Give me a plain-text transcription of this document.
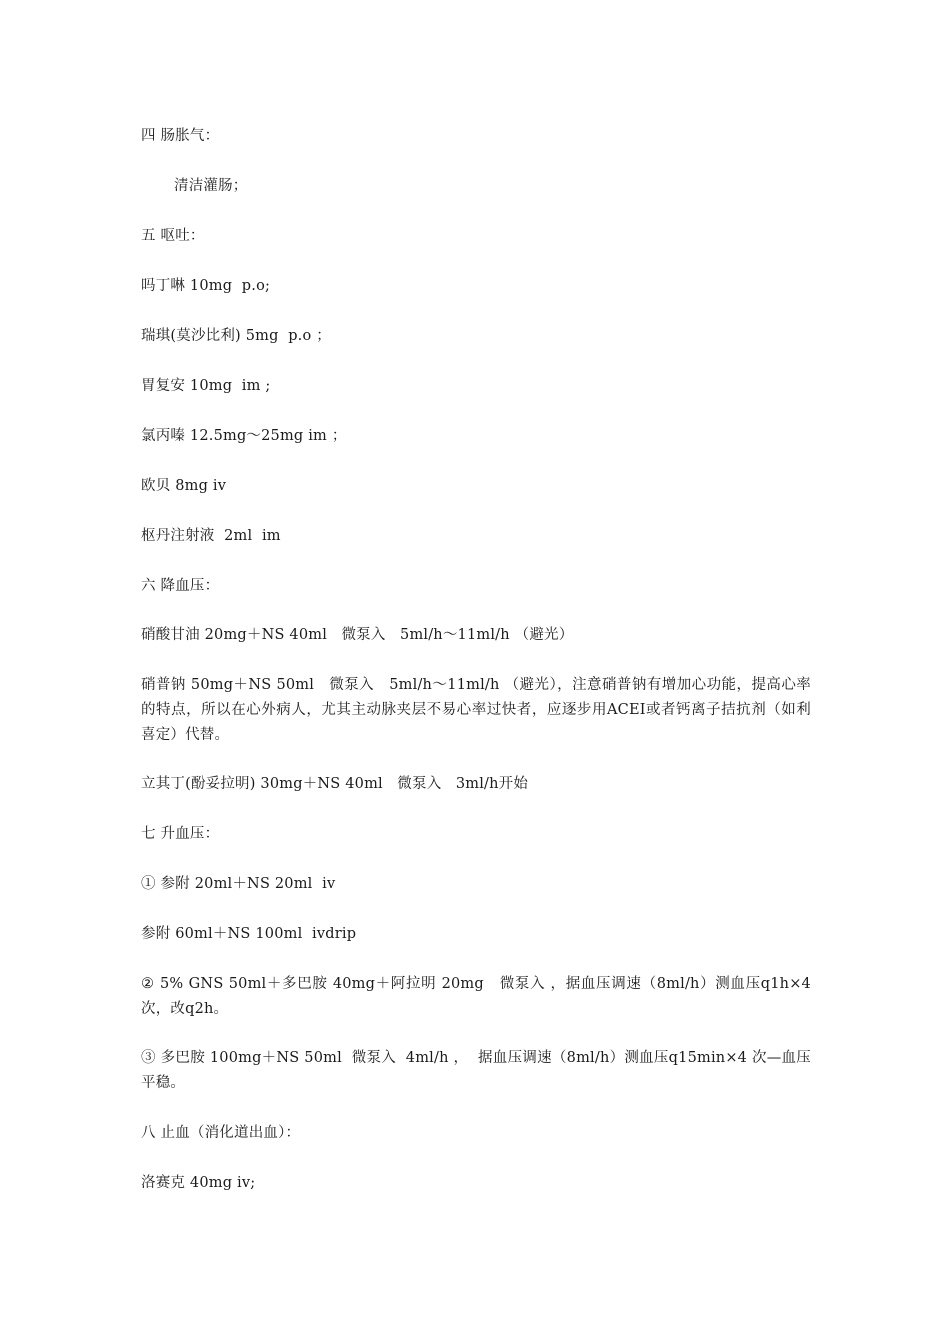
四 肠胀气：

清洁灌肠；

五 呕吐：

吗丁啉 10mg  p.o;

瑞琪(莫沙比利) 5mg  p.o ；

胃复安 10mg  im ;

氯丙嗪 12.5mg～25mg im ；

欧贝 8mg iv

枢丹注射液  2ml  im

六 降血压：

硝酸甘油 20mg＋NS 40ml   微泵入   5ml/h～11ml/h （避光）

硝普钠 50mg＋NS 50ml   微泵入   5ml/h～11ml/h （避光），注意硝普钠有增加心功能，提高心率的特点，所以在心外病人，尤其主动脉夹层不易心率过快者，应逐步用ACEI或者钙离子拮抗剂（如利喜定）代替。

立其丁(酚妥拉明) 30mg＋NS 40ml   微泵入   3ml/h开始

七 升血压：

① 参附 20ml＋NS 20ml  iv

参附 60ml＋NS 100ml  ivdrip

② 5% GNS 50ml＋多巴胺 40mg＋阿拉明 20mg   微泵入 ，据血压调速（8ml/h）测血压q1h×4 次，改q2h。

③ 多巴胺 100mg＋NS 50ml  微泵入  4ml/h ，  据血压调速（8ml/h）测血压q15min×4 次—血压平稳。

八 止血（消化道出血）：

洛赛克 40mg iv;
